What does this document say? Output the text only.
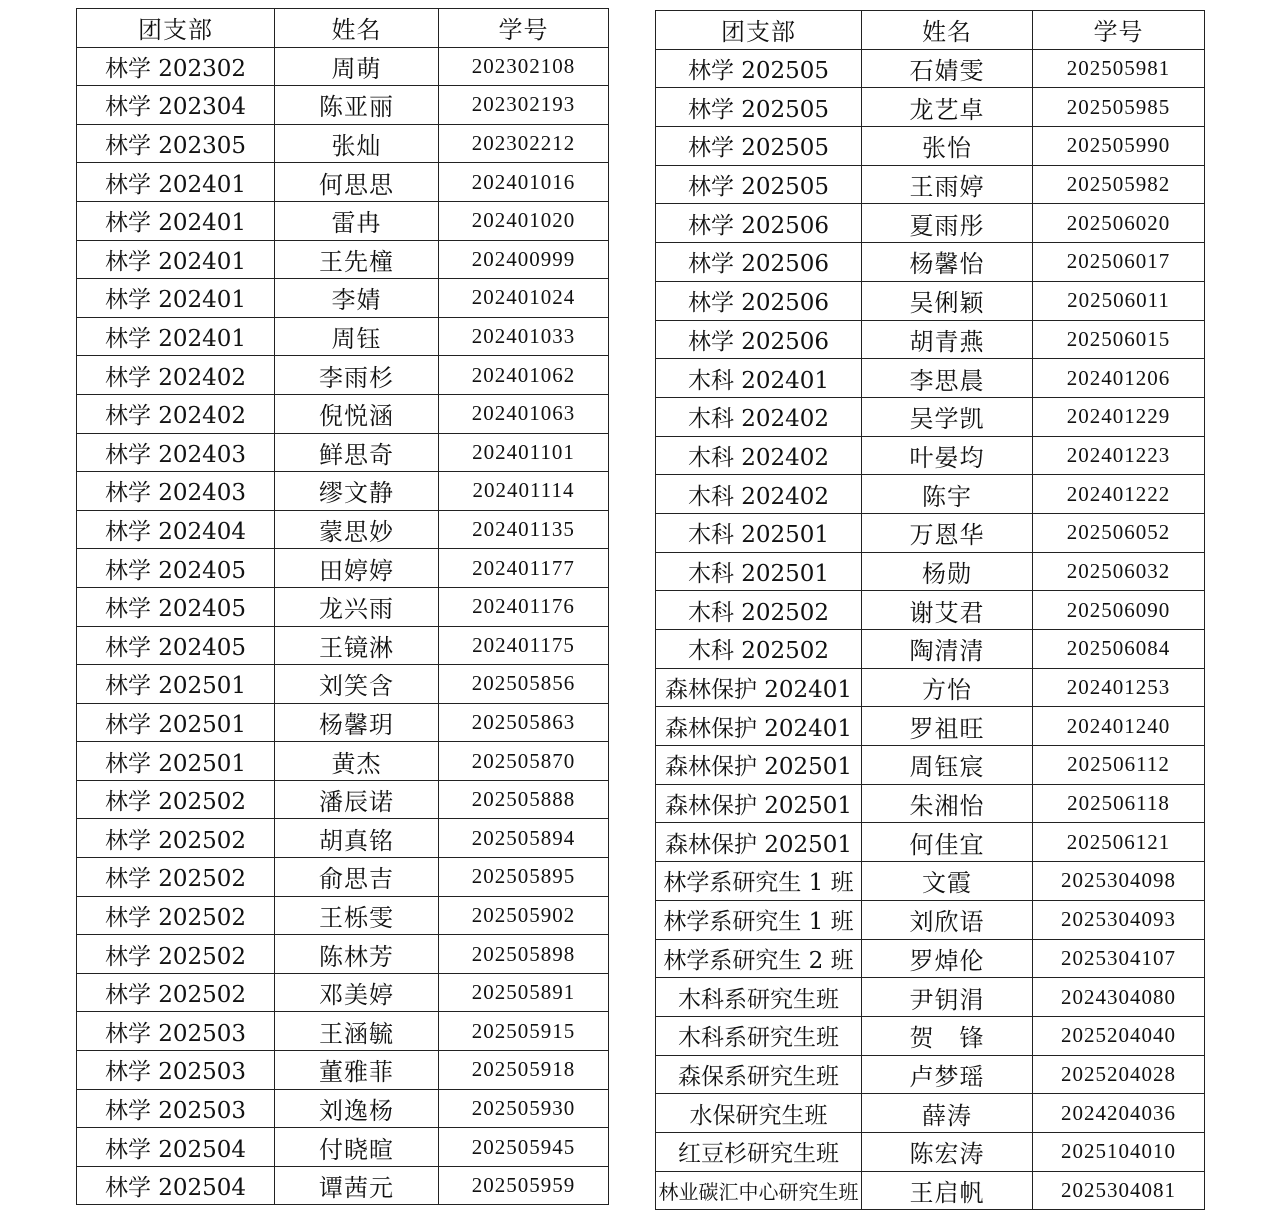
团支部	姓名	学号
林学 202302	周萌	202302108
林学 202304	陈亚丽	202302193
林学 202305	张灿	202302212
林学 202401	何思思	202401016
林学 202401	雷冉	202401020
林学 202401	王先橦	202400999
林学 202401	李婧	202401024
林学 202401	周钰	202401033
林学 202402	李雨杉	202401062
林学 202402	倪悦涵	202401063
林学 202403	鲜思奇	202401101
林学 202403	缪文静	202401114
林学 202404	蒙思妙	202401135
林学 202405	田婷婷	202401177
林学 202405	龙兴雨	202401176
林学 202405	王镜淋	202401175
林学 202501	刘笑含	202505856
林学 202501	杨馨玥	202505863
林学 202501	黄杰	202505870
林学 202502	潘辰诺	202505888
林学 202502	胡真铭	202505894
林学 202502	俞思吉	202505895
林学 202502	王栎雯	202505902
林学 202502	陈林芳	202505898
林学 202502	邓美婷	202505891
林学 202503	王涵毓	202505915
林学 202503	董雅菲	202505918
林学 202503	刘逸杨	202505930
林学 202504	付晓暄	202505945
林学 202504	谭茜元	202505959
团支部	姓名	学号
林学 202505	石婧雯	202505981
林学 202505	龙艺卓	202505985
林学 202505	张怡	202505990
林学 202505	王雨婷	202505982
林学 202506	夏雨彤	202506020
林学 202506	杨馨怡	202506017
林学 202506	吴俐颖	202506011
林学 202506	胡青燕	202506015
木科 202401	李思晨	202401206
木科 202402	吴学凯	202401229
木科 202402	叶晏均	202401223
木科 202402	陈宇	202401222
木科 202501	万恩华	202506052
木科 202501	杨勋	202506032
木科 202502	谢艾君	202506090
木科 202502	陶清清	202506084
森林保护 202401	方怡	202401253
森林保护 202401	罗祖旺	202401240
森林保护 202501	周钰宸	202506112
森林保护 202501	朱湘怡	202506118
森林保护 202501	何佳宜	202506121
林学系研究生 1 班	文霞	2025304098
林学系研究生 1 班	刘欣语	2025304093
林学系研究生 2 班	罗焯伦	2025304107
木科系研究生班	尹钥涓	2024304080
木科系研究生班	贺　锋	2025204040
森保系研究生班	卢梦瑶	2025204028
水保研究生班	薛涛	2024204036
红豆杉研究生班	陈宏涛	2025104010
林业碳汇中心研究生班	王启帆	2025304081
